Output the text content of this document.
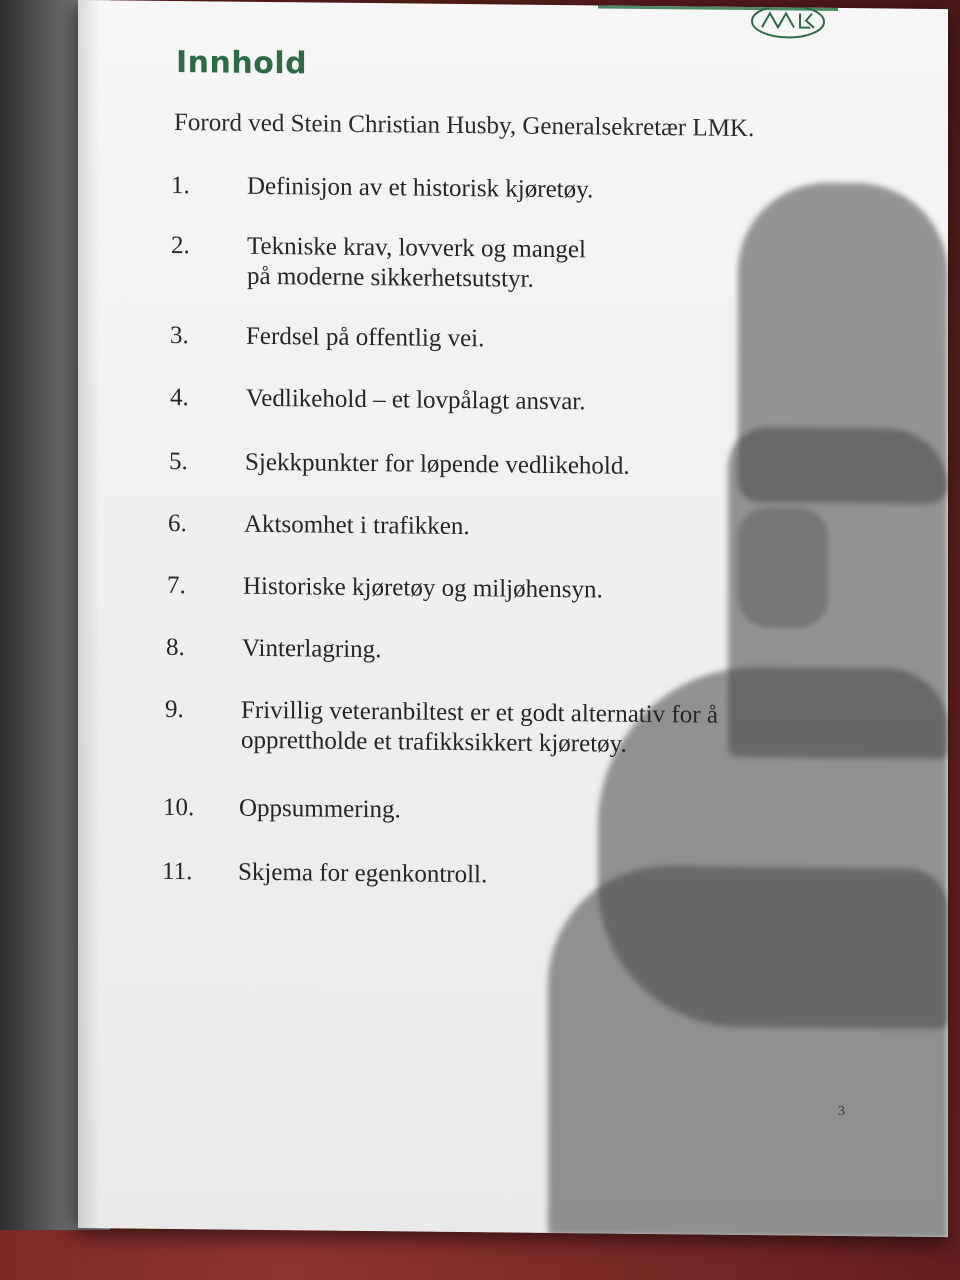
Innhold
Forord ved Stein Christian Husby, Generalsekretær LMK.
1.	Definisjon av et historisk kjøretøy.
2.	Tekniske krav, lovverk og mangel
på moderne sikkerhetsutstyr.
3.	Ferdsel på offentlig vei.
4.	Vedlikehold – et lovpålagt ansvar.
5.	Sjekkpunkter for løpende vedlikehold.
6.	Aktsomhet i trafikken.
7.	Historiske kjøretøy og miljøhensyn.
8.	Vinterlagring.
9.	Frivillig veteranbiltest er et godt alternativ for å
opprettholde et trafikksikkert kjøretøy.
10.	Oppsummering.
11.	Skjema for egenkontroll.
3
